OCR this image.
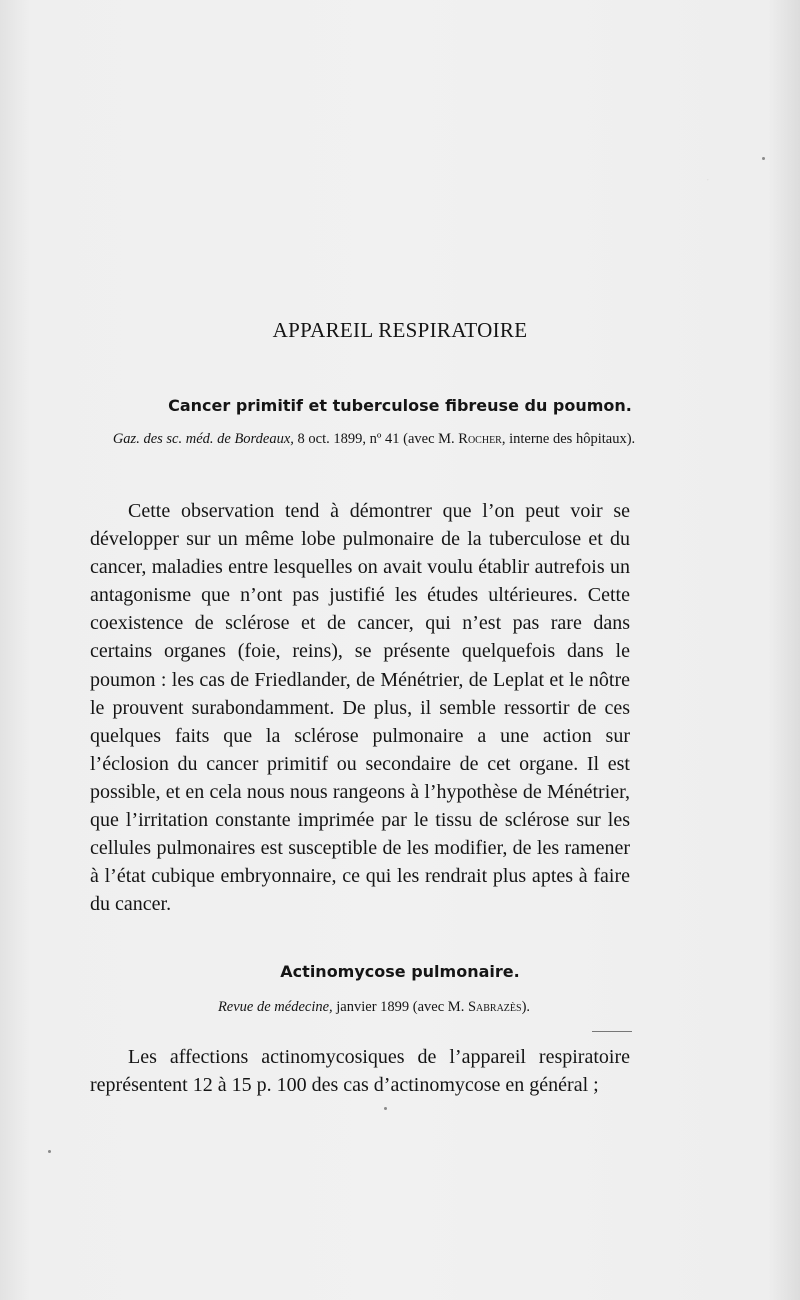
·
APPAREIL RESPIRATOIRE
Cancer primitif et tuberculose fibreuse du poumon.
Gaz. des sc. méd. de Bordeaux, 8 oct. 1899, nº 41 (avec M. Rocher, interne des hôpitaux).
Cette observation tend à démontrer que l’on peut voir se développer sur un même lobe pulmonaire de la tuberculose et du cancer, maladies entre lesquelles on avait voulu établir autrefois un antagonisme que n’ont pas justifié les études ultérieures. Cette coexistence de sclérose et de cancer, qui n’est pas rare dans certains organes (foie, reins), se présente quelquefois dans le poumon : les cas de Friedlander, de Ménétrier, de Leplat et le nôtre le prouvent surabondamment. De plus, il semble ressortir de ces quelques faits que la sclérose pulmonaire a une action sur l’éclosion du cancer primitif ou secondaire de cet organe. Il est possible, et en cela nous nous rangeons à l’hypothèse de Ménétrier, que l’irritation constante imprimée par le tissu de sclérose sur les cellules pulmonaires est susceptible de les modifier, de les ramener à l’état cubique embryonnaire, ce qui les rendrait plus aptes à faire du cancer.
Actinomycose pulmonaire.
Revue de médecine, janvier 1899 (avec M. Sabrazès).
Les affections actinomycosiques de l’appareil respiratoire représentent 12 à 15 p. 100 des cas d’actinomycose en général ;
